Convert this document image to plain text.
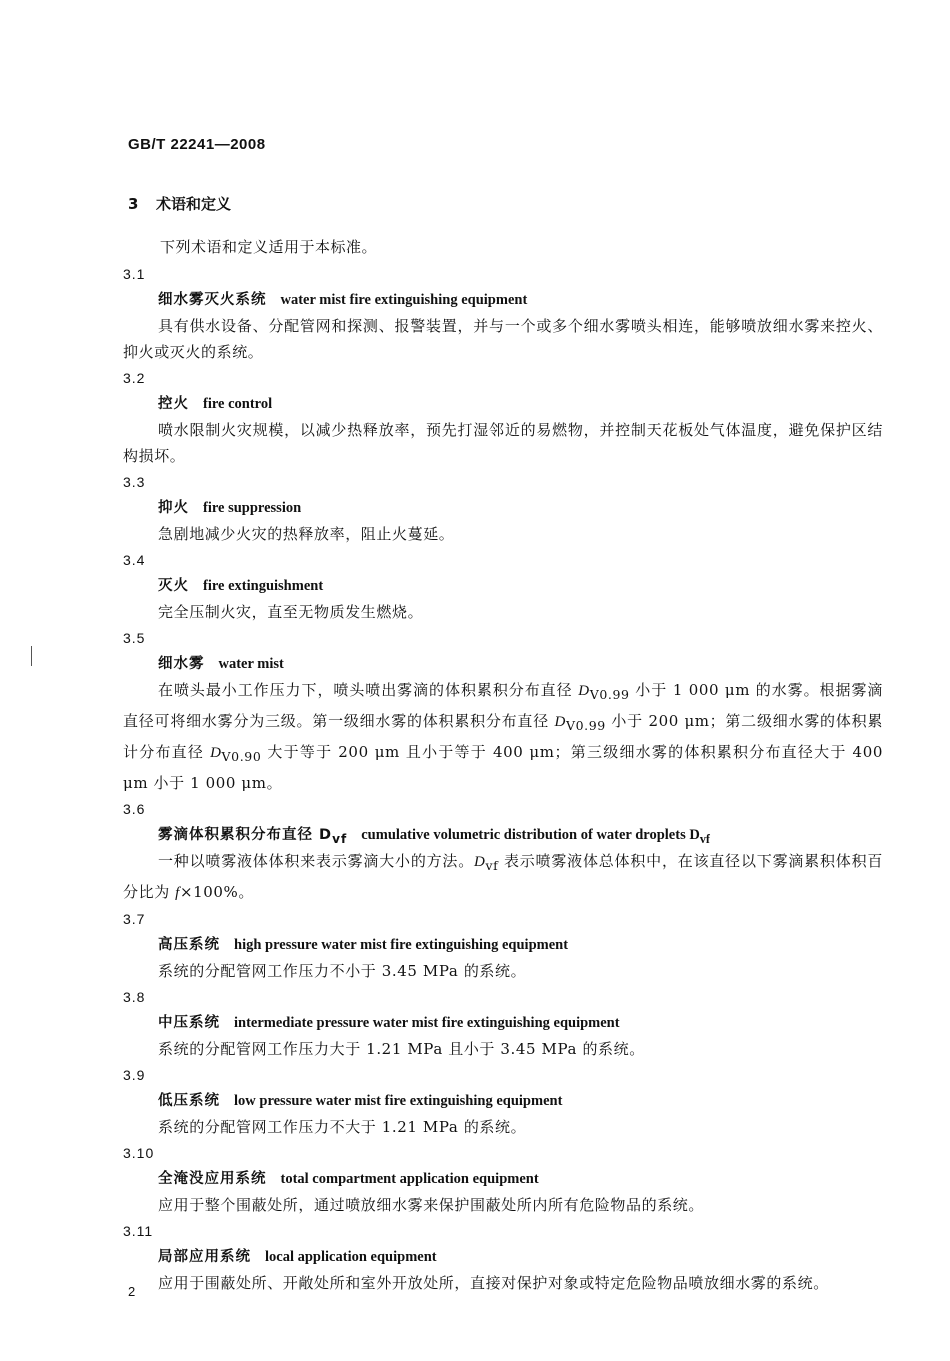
GB/T 22241—2008
3 术语和定义
下列术语和定义适用于本标准。
3.1
细水雾灭火系统 water mist fire extinguishing equipment

具有供水设备、分配管网和探测、报警装置，并与一个或多个细水雾喷头相连，能够喷放细水雾来控火、抑火或灭火的系统。

3.2
控火 fire control

喷水限制火灾规模，以减少热释放率，预先打湿邻近的易燃物，并控制天花板处气体温度，避免保护区结构损坏。

3.3
抑火 fire suppression

急剧地减少火灾的热释放率，阻止火蔓延。

3.4
灭火 fire extinguishment

完全压制火灾，直至无物质发生燃烧。

3.5
细水雾 water mist

在喷头最小工作压力下，喷头喷出雾滴的体积累积分布直径 $D_{V0.99}$ 小于 1 000 μm 的水雾。根据雾滴直径可将细水雾分为三级。第一级细水雾的体积累积分布直径 $D_{V0.99}$ 小于 200 μm；第二级细水雾的体积累计分布直径 $D_{V0.90}$ 大于等于 200 μm 且小于等于 400 μm；第三级细水雾的体积累积分布直径大于 400 μm 小于 1 000 μm。

3.6
雾滴体积累积分布直径 $D_{vf}$ cumulative volumetric distribution of water droplets $D_{vf}$

一种以喷雾液体体积来表示雾滴大小的方法。$D_{vf}$ 表示喷雾液体总体积中，在该直径以下雾滴累积体积百分比为 f×100%。

3.7
高压系统 high pressure water mist fire extinguishing equipment

系统的分配管网工作压力不小于 3.45 MPa 的系统。

3.8
中压系统 intermediate pressure water mist fire extinguishing equipment

系统的分配管网工作压力大于 1.21 MPa 且小于 3.45 MPa 的系统。

3.9
低压系统 low pressure water mist fire extinguishing equipment

系统的分配管网工作压力不大于 1.21 MPa 的系统。

3.10
全淹没应用系统 total compartment application equipment

应用于整个围蔽处所，通过喷放细水雾来保护围蔽处所内所有危险物品的系统。

3.11
局部应用系统 local application equipment

应用于围蔽处所、开敞处所和室外开放处所，直接对保护对象或特定危险物品喷放细水雾的系统。

2
